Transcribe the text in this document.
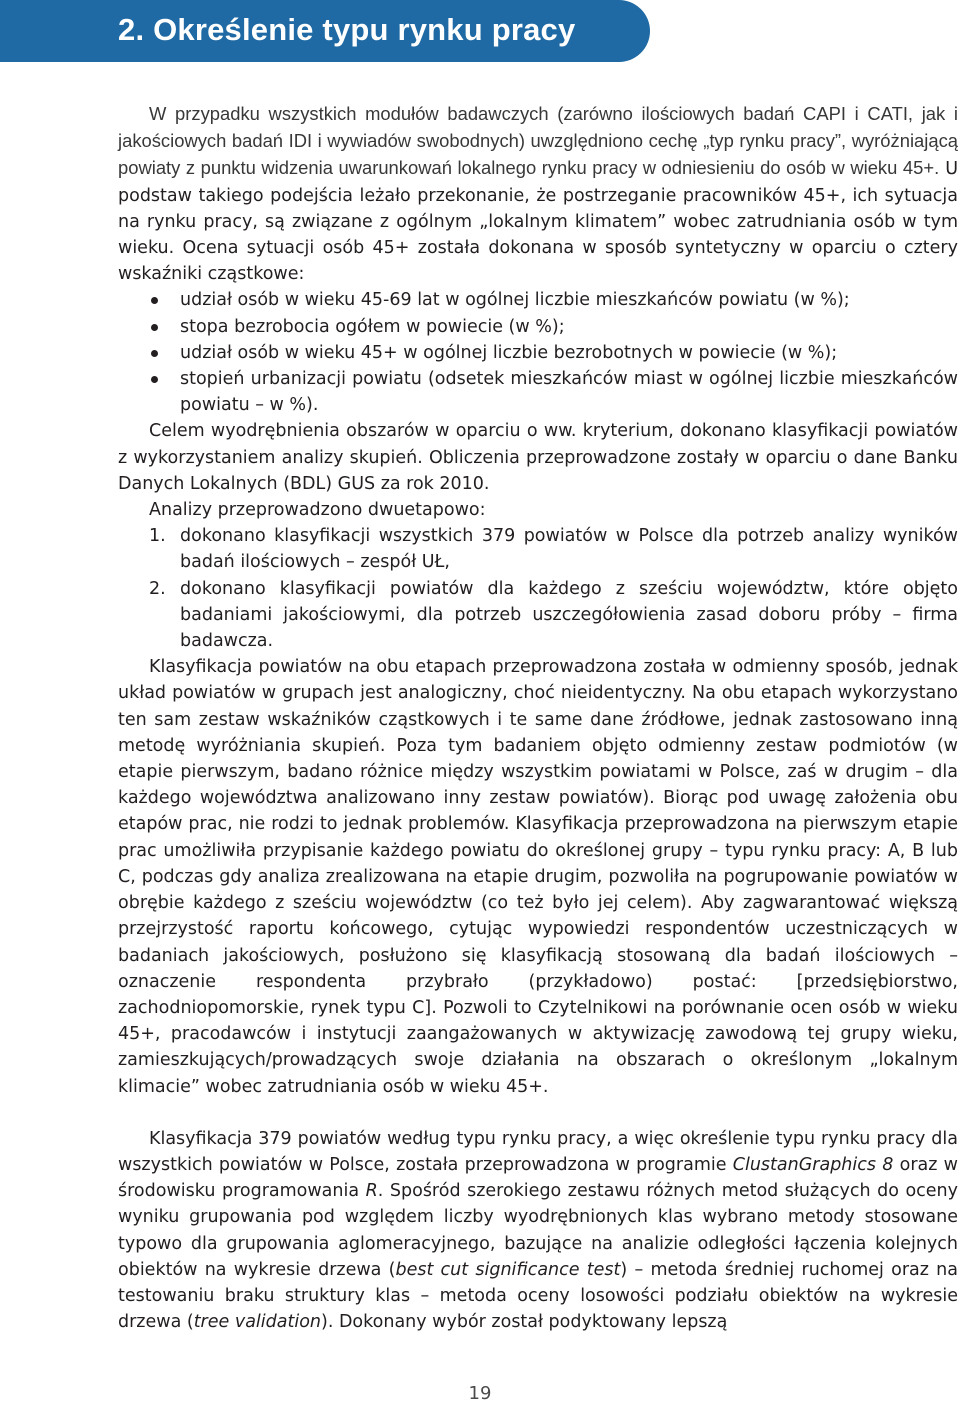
2. Określenie typu rynku pracy

W przypadku wszystkich modułów badawczych (zarówno ilościowych badań CAPI i CATI, jak i jakościowych badań IDI i wywiadów swobodnych) uwzględniono cechę „typ rynku pracy”, wyróżniającą powiaty z punktu widzenia uwarunkowań lokalnego rynku pracy w odniesieniu do osób w wieku 45+. U podstaw takiego podejścia leżało przekonanie, że postrzeganie pracowników 45+, ich sytuacja na rynku pracy, są związane z ogólnym „lokalnym klimatem” wobec zatrudniania osób w tym wieku. Ocena sytuacji osób 45+ została dokonana w sposób syntetyczny w oparciu o cztery wskaźniki cząstkowe:

udział osób w wieku 45-69 lat w ogólnej liczbie mieszkańców powiatu (w %);
stopa bezrobocia ogółem w powiecie (w %);
udział osób w wieku 45+ w ogólnej liczbie bezrobotnych w powiecie (w %);
stopień urbanizacji powiatu (odsetek mieszkańców miast w ogólnej liczbie mieszkańców powiatu – w %).

Celem wyodrębnienia obszarów w oparciu o ww. kryterium, dokonano klasyfikacji powiatów z wykorzystaniem analizy skupień. Obliczenia przeprowadzone zostały w oparciu o dane Banku Danych Lokalnych (BDL) GUS za rok 2010.

Analizy przeprowadzono dwuetapowo:

1. dokonano klasyfikacji wszystkich 379 powiatów w Polsce dla potrzeb analizy wyników badań ilościowych – zespół UŁ,
2. dokonano klasyfikacji powiatów dla każdego z sześciu województw, które objęto badaniami jakościowymi, dla potrzeb uszczegółowienia zasad doboru próby – firma badawcza.

Klasyfikacja powiatów na obu etapach przeprowadzona została w odmienny sposób, jednak układ powiatów w grupach jest analogiczny, choć nieidentyczny. Na obu etapach wykorzystano ten sam zestaw wskaźników cząstkowych i te same dane źródłowe, jednak zastosowano inną metodę wyróżniania skupień. Poza tym badaniem objęto odmienny zestaw podmiotów (w etapie pierwszym, badano różnice między wszystkim powiatami w Polsce, zaś w drugim – dla każdego województwa analizowano inny zestaw powiatów). Biorąc pod uwagę założenia obu etapów prac, nie rodzi to jednak problemów. Klasyfikacja przeprowadzona na pierwszym etapie prac umożliwiła przypisanie każdego powiatu do określonej grupy – typu rynku pracy: A, B lub C, podczas gdy analiza zrealizowana na etapie drugim, pozwoliła na pogrupowanie powiatów w obrębie każdego z sześciu województw (co też było jej celem). Aby zagwarantować większą przejrzystość raportu końcowego, cytując wypowiedzi respondentów uczestniczących w badaniach jakościowych, posłużono się klasyfikacją stosowaną dla badań ilościowych – oznaczenie respondenta przybrało (przykładowo) postać: [przedsiębiorstwo, zachodniopomorskie, rynek typu C]. Pozwoli to Czytelnikowi na porównanie ocen osób w wieku 45+, pracodawców i instytucji zaangażowanych w aktywizację zawodową tej grupy wieku, zamieszkujących/prowadzących swoje działania na obszarach o określonym „lokalnym klimacie” wobec zatrudniania osób w wieku 45+.

Klasyfikacja 379 powiatów według typu rynku pracy, a więc określenie typu rynku pracy dla wszystkich powiatów w Polsce, została przeprowadzona w programie ClustanGraphics 8 oraz w środowisku programowania R. Spośród szerokiego zestawu różnych metod służących do oceny wyniku grupowania pod względem liczby wyodrębnionych klas wybrano metody stosowane typowo dla grupowania aglomeracyjnego, bazujące na analizie odległości łączenia kolejnych obiektów na wykresie drzewa (best cut significance test) – metoda średniej ruchomej oraz na testowaniu braku struktury klas – metoda oceny losowości podziału obiektów na wykresie drzewa (tree validation). Dokonany wybór został podyktowany lepszą

19
